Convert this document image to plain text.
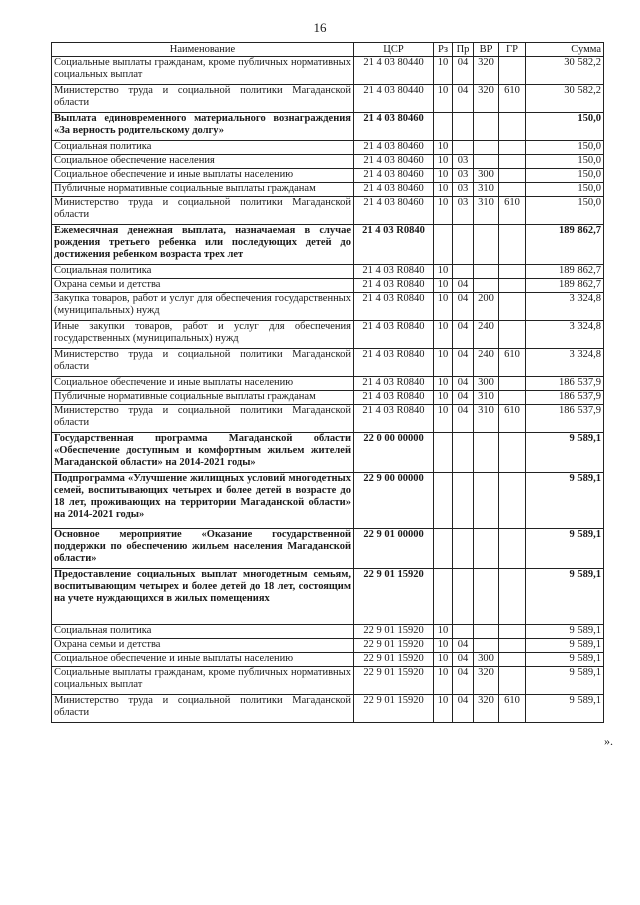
16
Наименование	ЦСР	Рз	Пр	ВР	ГР	Сумма
Социальные выплаты гражданам, кроме публичных нормативных социальных выплат	21 4 03 80440	10	04	320		30 582,2
Министерство труда и социальной политики Магаданской области	21 4 03 80440	10	04	320	610	30 582,2
Выплата единовременного материального вознаграждения «За верность родительскому долгу»	21 4 03 80460					150,0
Социальная политика	21 4 03 80460	10				150,0
Социальное обеспечение населения	21 4 03 80460	10	03			150,0
Социальное обеспечение и иные выплаты населению	21 4 03 80460	10	03	300		150,0
Публичные нормативные социальные выплаты гражданам	21 4 03 80460	10	03	310		150,0
Министерство труда и социальной политики Магаданской области	21 4 03 80460	10	03	310	610	150,0
Ежемесячная денежная выплата, назначаемая в случае рождения третьего ребенка или последующих детей до достижения ребенком возраста трех лет	21 4 03 R0840					189 862,7
Социальная политика	21 4 03 R0840	10				189 862,7
Охрана семьи и детства	21 4 03 R0840	10	04			189 862,7
Закупка товаров, работ и услуг для обеспечения государственных (муниципальных) нужд	21 4 03 R0840	10	04	200		3 324,8
Иные закупки товаров, работ и услуг для обеспечения государственных (муниципальных) нужд	21 4 03 R0840	10	04	240		3 324,8
Министерство труда и социальной политики Магаданской области	21 4 03 R0840	10	04	240	610	3 324,8
Социальное обеспечение и иные выплаты населению	21 4 03 R0840	10	04	300		186 537,9
Публичные нормативные социальные выплаты гражданам	21 4 03 R0840	10	04	310		186 537,9
Министерство труда и социальной политики Магаданской области	21 4 03 R0840	10	04	310	610	186 537,9
Государственная программа Магаданской области «Обеспечение доступным и комфортным жильем жителей Магаданской области» на 2014-2021 годы»	22 0 00 00000					9 589,1
Подпрограмма «Улучшение жилищных условий многодетных семей, воспитывающих четырех и более детей в возрасте до 18 лет, проживающих на территории Магаданской области» на 2014-2021 годы»	22 9 00 00000					9 589,1
Основное мероприятие «Оказание государственной поддержки по обеспечению жильем населения Магаданской области»	22 9 01 00000					9 589,1
Предоставление социальных выплат многодетным семьям, воспитывающим четырех и более детей до 18 лет, состоящим на учете нуждающихся в жилых помещениях	22 9 01 15920					9 589,1
Социальная политика	22 9 01 15920	10				9 589,1
Охрана семьи и детства	22 9 01 15920	10	04			9 589,1
Социальное обеспечение и иные выплаты населению	22 9 01 15920	10	04	300		9 589,1
Социальные выплаты гражданам, кроме публичных нормативных социальных выплат	22 9 01 15920	10	04	320		9 589,1
Министерство труда и социальной политики Магаданской области	22 9 01 15920	10	04	320	610	9 589,1
».
